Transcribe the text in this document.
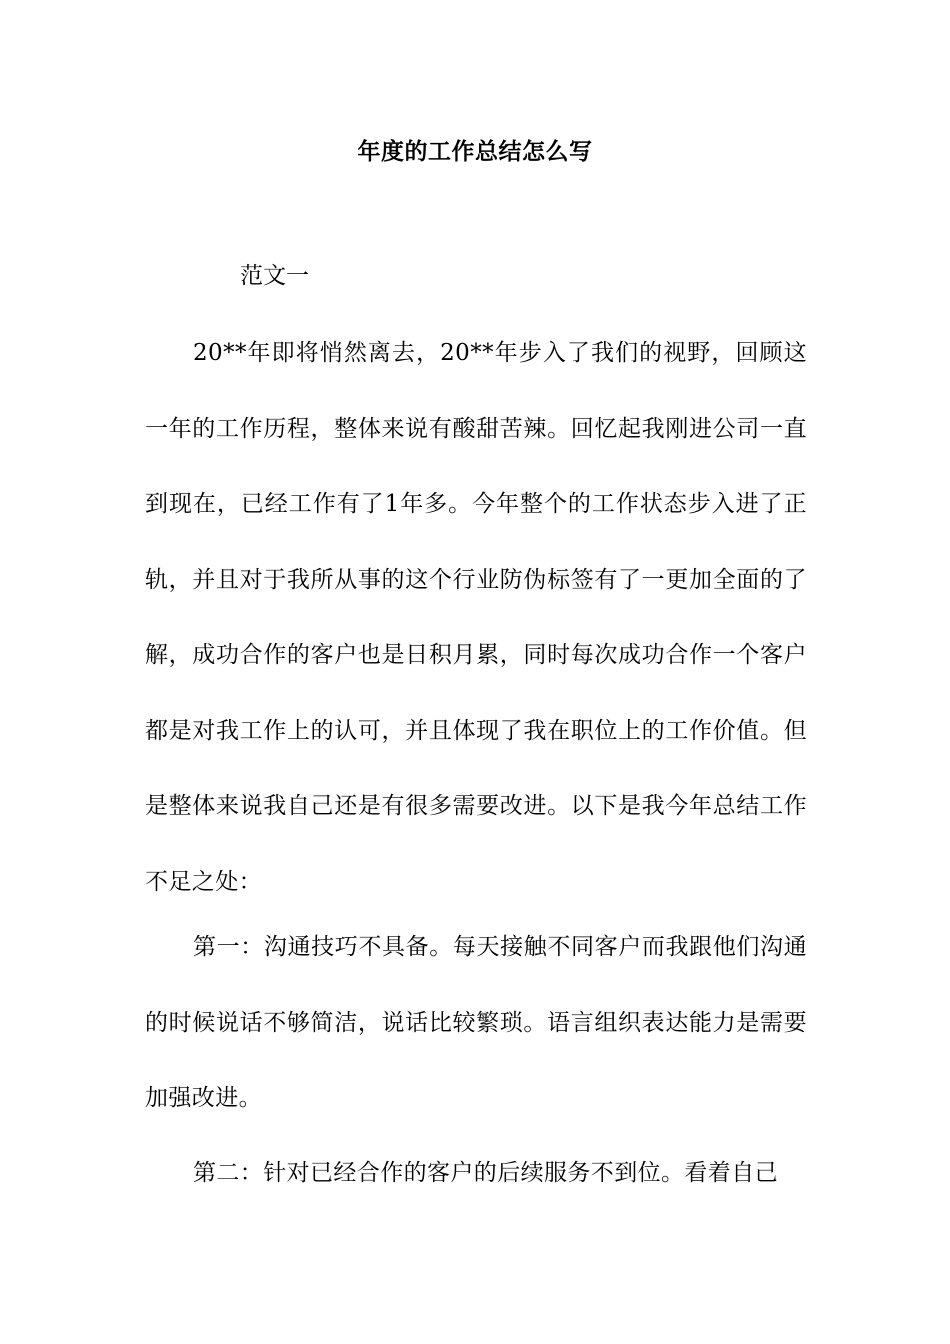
年度的工作总结怎么写
范文一

20**年即将悄然离去，20**年步入了我们的视野，回顾这一年的工作历程，整体来说有酸甜苦辣。回忆起我刚进公司一直到现在，已经工作有了1年多。今年整个的工作状态步入进了正轨，并且对于我所从事的这个行业防伪标签有了一更加全面的了解，成功合作的客户也是日积月累，同时每次成功合作一个客户都是对我工作上的认可，并且体现了我在职位上的工作价值。但是整体来说我自己还是有很多需要改进。以下是我今年总结工作不足之处：

第一：沟通技巧不具备。每天接触不同客户而我跟他们沟通的时候说话不够简洁，说话比较繁琐。语言组织表达能力是需要加强改进。

第二：针对已经合作的客户的后续服务不到位。看着自己
